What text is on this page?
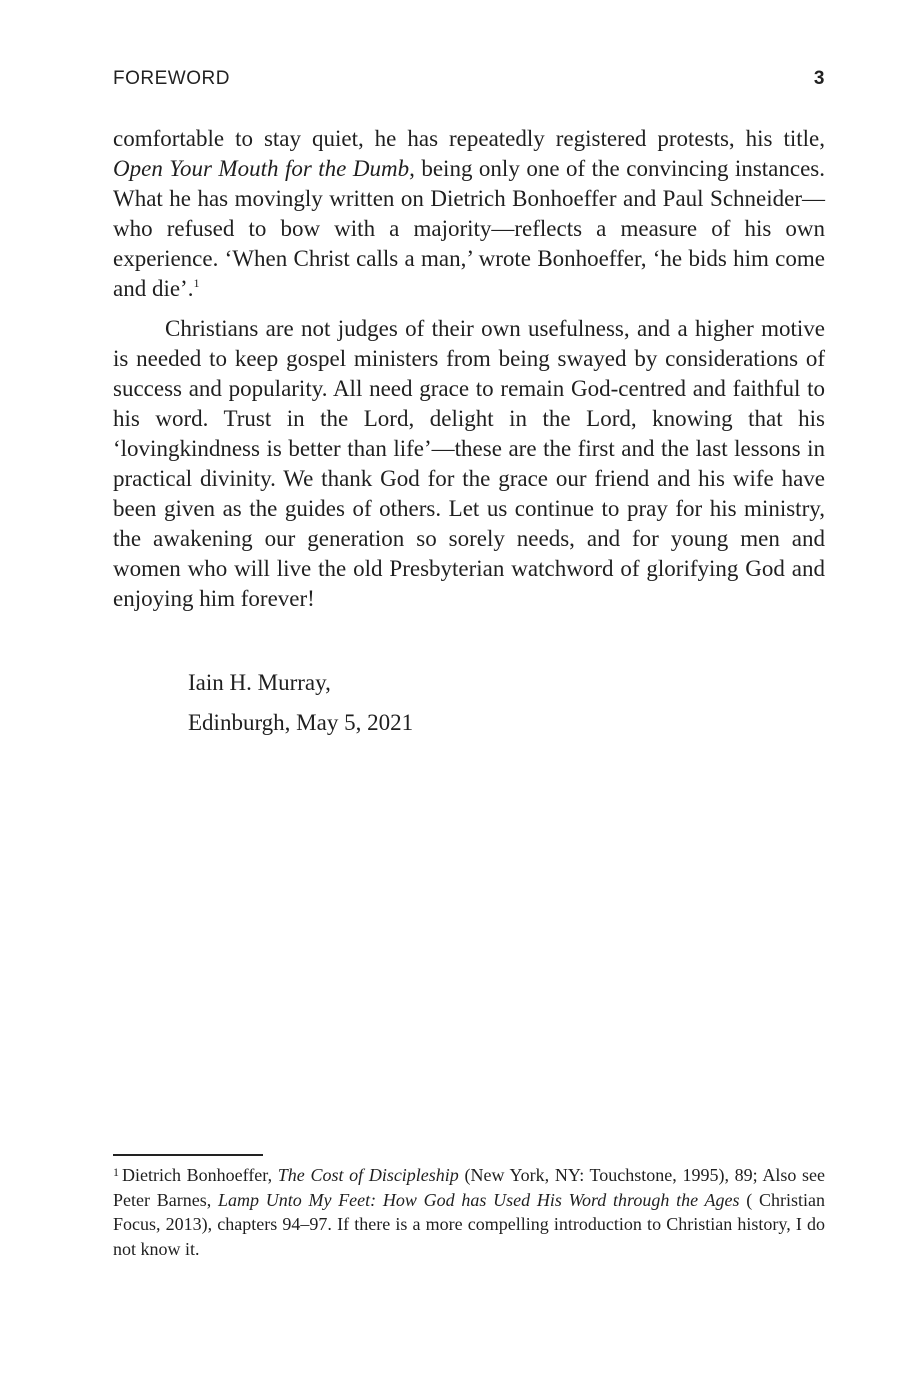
FOREWORD	3

comfortable to stay quiet, he has repeatedly registered protests, his title, Open Your Mouth for the Dumb, being only one of the convincing instances. What he has movingly written on Dietrich Bonhoeffer and Paul Schneider—who refused to bow with a majority—reflects a measure of his own experience. ‘When Christ calls a man,’ wrote Bonhoeffer, ‘he bids him come and die’.$^1$

Christians are not judges of their own usefulness, and a higher motive is needed to keep gospel ministers from being swayed by considerations of success and popularity. All need grace to remain God-centred and faithful to his word. Trust in the Lord, delight in the Lord, knowing that his ‘lovingkindness is better than life’—these are the first and the last lessons in practical divinity. We thank God for the grace our friend and his wife have been given as the guides of others. Let us continue to pray for his ministry, the awakening our generation so sorely needs, and for young men and women who will live the old Presbyterian watchword of glorifying God and enjoying him forever!

Iain H. Murray,
Edinburgh, May 5, 2021
$^1$ Dietrich Bonhoeffer, The Cost of Discipleship (New York, NY: Touchstone, 1995), 89; Also see Peter Barnes, Lamp Unto My Feet: How God has Used His Word through the Ages ( Christian Focus, 2013), chapters 94–97. If there is a more compelling introduction to Christian history, I do not know it.
